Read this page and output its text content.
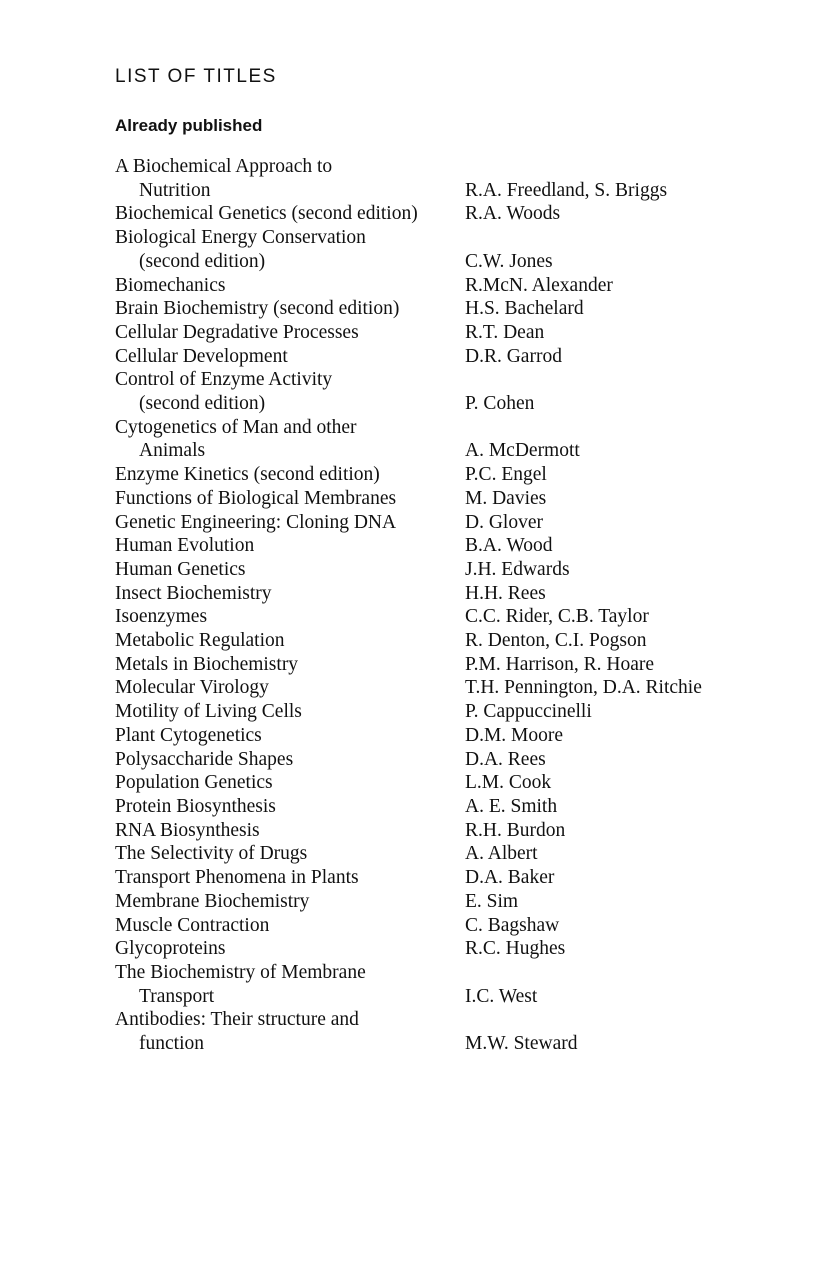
LIST OF TITLES
Already published
A Biochemical Approach to
Nutrition	R.A. Freedland, S. Briggs
Biochemical Genetics (second edition)	R.A. Woods
Biological Energy Conservation
(second edition)	C.W. Jones
Biomechanics	R.McN. Alexander
Brain Biochemistry (second edition)	H.S. Bachelard
Cellular Degradative Processes	R.T. Dean
Cellular Development	D.R. Garrod
Control of Enzyme Activity
(second edition)	P. Cohen
Cytogenetics of Man and other
Animals	A. McDermott
Enzyme Kinetics (second edition)	P.C. Engel
Functions of Biological Membranes	M. Davies
Genetic Engineering: Cloning DNA	D. Glover
Human Evolution	B.A. Wood
Human Genetics	J.H. Edwards
Insect Biochemistry	H.H. Rees
Isoenzymes	C.C. Rider, C.B. Taylor
Metabolic Regulation	R. Denton, C.I. Pogson
Metals in Biochemistry	P.M. Harrison, R. Hoare
Molecular Virology	T.H. Pennington, D.A. Ritchie
Motility of Living Cells	P. Cappuccinelli
Plant Cytogenetics	D.M. Moore
Polysaccharide Shapes	D.A. Rees
Population Genetics	L.M. Cook
Protein Biosynthesis	A. E. Smith
RNA Biosynthesis	R.H. Burdon
The Selectivity of Drugs	A. Albert
Transport Phenomena in Plants	D.A. Baker
Membrane Biochemistry	E. Sim
Muscle Contraction	C. Bagshaw
Glycoproteins	R.C. Hughes
The Biochemistry of Membrane
Transport	I.C. West
Antibodies: Their structure and
function	M.W. Steward
